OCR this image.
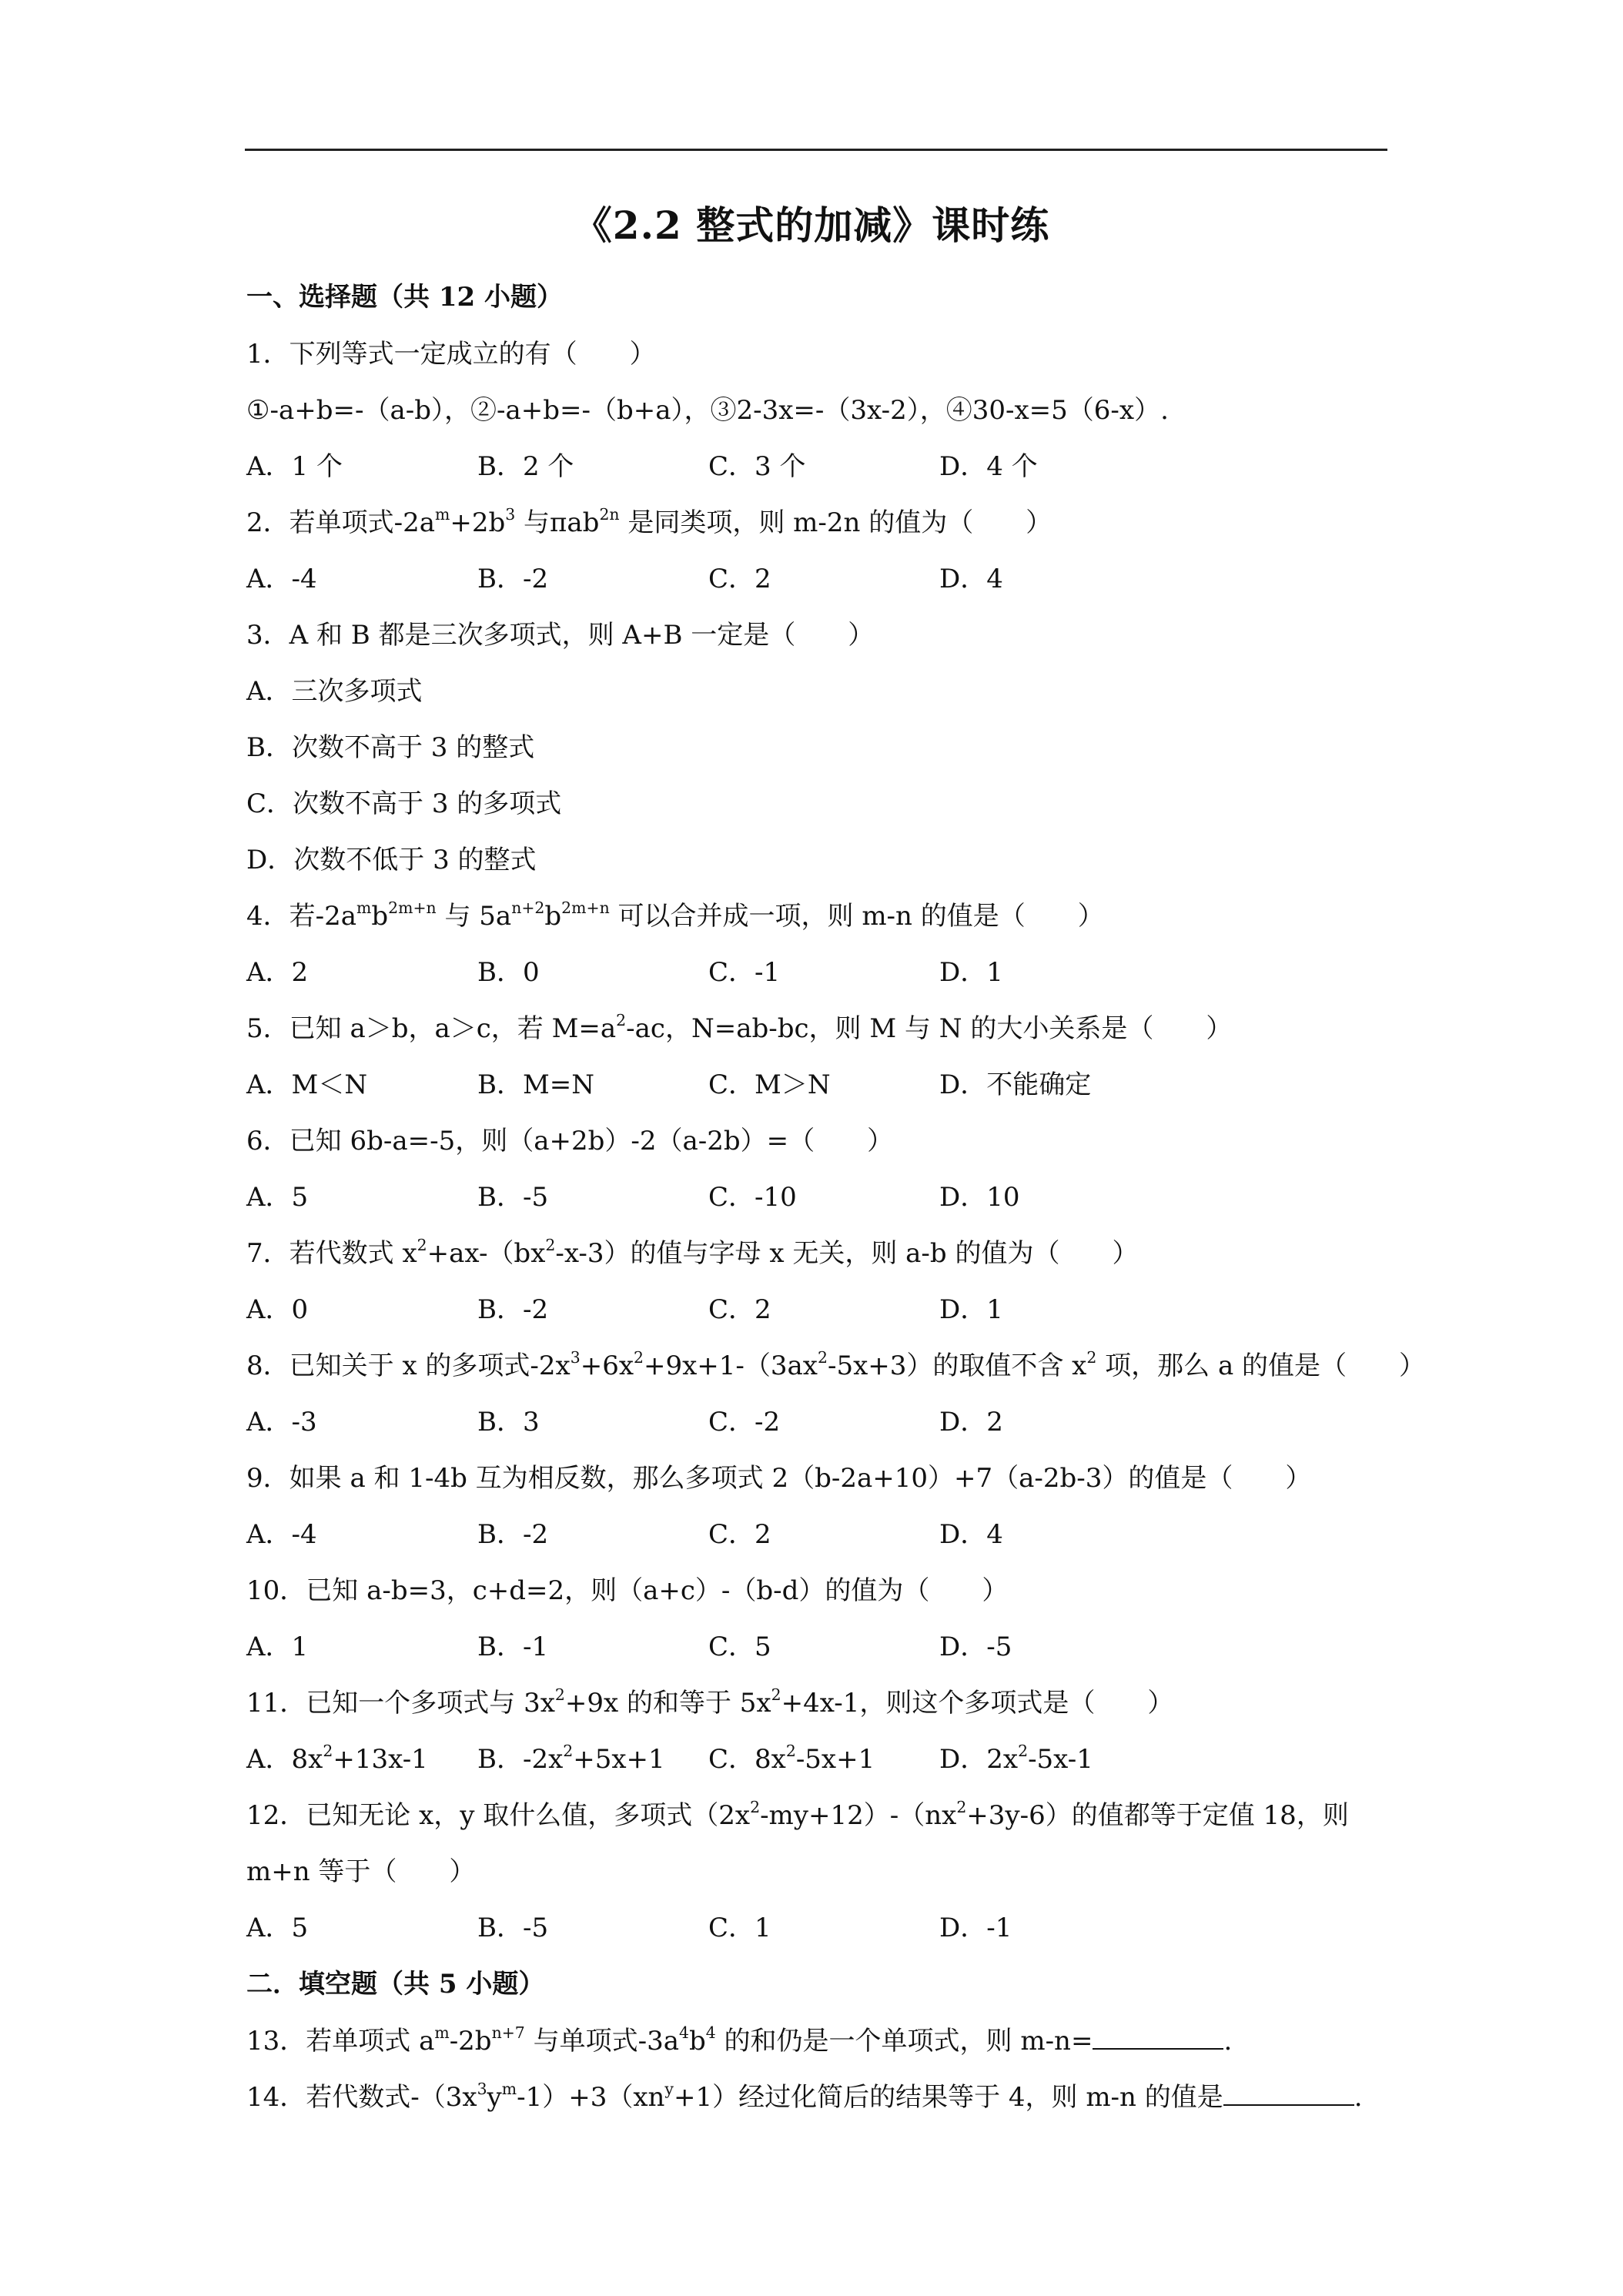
《2.2 整式的加减》课时练
一、选择题（共 12 小题）
1．下列等式一定成立的有（　　）
①-a+b=-（a-b），②-a+b=-（b+a），③2-3x=-（3x-2），④30-x=5（6-x）.
A．1 个	B．2 个	C．3 个	D．4 个
2．若单项式$-2a^m+2b^3$ 与πab$^{2n}$ 是同类项，则 m-2n 的值为（　　）
A．-4	B．-2	C．2	D．4
3．A 和 B 都是三次多项式，则 A+B 一定是（　　）
A．三次多项式
B．次数不高于 3 的整式
C．次数不高于 3 的多项式
D．次数不低于 3 的整式
4．若$-2a^mb^{2m+n}$ 与 $5a^{n+2}b^{2m+n}$ 可以合并成一项，则 m-n 的值是（　　）
A．2	B．0	C．-1	D．1
5．已知 a＞b，a＞c，若 $M=a^2-ac$，N=ab-bc，则 M 与 N 的大小关系是（　　）
A．M＜N	B．M=N	C．M＞N	D．不能确定
6．已知 6b-a=-5，则（a+2b）-2（a-2b）=（　　）
A．5	B．-5	C．-10	D．10
7．若代数式 $x^2+ax-(bx^2-x-3)$的值与字母 x 无关，则 a-b 的值为（　　）
A．0	B．-2	C．2	D．1
8．已知关于 x 的多项式$-2x^3+6x^2+9x+1-(3ax^2-5x+3)$的取值不含 $x^2$ 项，那么 a 的值是（　　）
A．-3	B．3	C．-2	D．2
9．如果 a 和 1-4b 互为相反数，那么多项式 2（b-2a+10）+7（a-2b-3）的值是（　　）
A．-4	B．-2	C．2	D．4
10．已知 a-b=3，c+d=2，则（a+c）-（b-d）的值为（　　）
A．1	B．-1	C．5	D．-5
11．已知一个多项式与 $3x^2+9x$ 的和等于 $5x^2+4x-1$，则这个多项式是（　　）
A．$8x^2+13x-1$ B．$-2x^2+5x+1$ C．$8x^2-5x+1$ D．$2x^2-5x-1$
12．已知无论 x，y 取什么值，多项式$(2x^2-my+12)-(nx^2+3y-6)$的值都等于定值 18，则
m+n 等于（　　）
A．5	B．-5	C．1	D．-1
二．填空题（共 5 小题）
13．若单项式 $a^m-2b^{n+7}$ 与单项式$-3a^4b^4$ 的和仍是一个单项式，则 m-n=	.
14．若代数式$-(3x^3y^m-1)+3(xn^y+1)$经过化简后的结果等于 4，则 m-n 的值是	.
